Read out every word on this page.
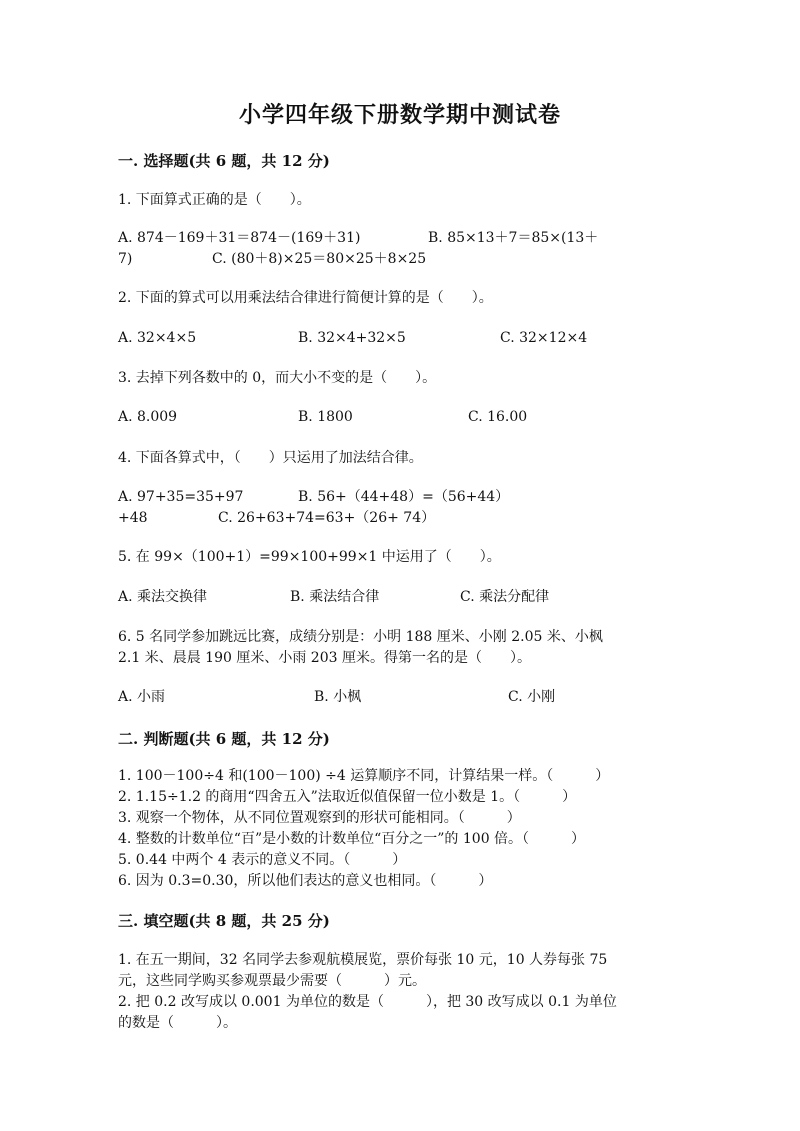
小学四年级下册数学期中测试卷
一. 选择题(共 6 题，共 12 分)
1. 下面算式正确的是（　　）。
A. 874－169＋31＝874－(169＋31)	B. 85×13＋7＝85×(13＋
7)	C. (80＋8)×25＝80×25＋8×25
2. 下面的算式可以用乘法结合律进行简便计算的是（　　）。
A. 32×4×5	B. 32×4+32×5	C. 32×12×4
3. 去掉下列各数中的 0，而大小不变的是（　　）。
A. 8.009	B. 1800	C. 16.00
4. 下面各算式中，（　　）只运用了加法结合律。
A. 97+35=35+97	B. 56+（44+48）=（56+44）
+48	C. 26+63+74=63+（26+ 74）
5. 在 99×（100+1）=99×100+99×1 中运用了（　　）。
A. 乘法交换律	B. 乘法结合律	C. 乘法分配律
6. 5 名同学参加跳远比赛，成绩分别是：小明 188 厘米、小刚 2.05 米、小枫
2.1 米、晨晨 190 厘米、小雨 203 厘米。得第一名的是（　　）。
A. 小雨	B. 小枫	C. 小刚
二. 判断题(共 6 题，共 12 分)
1. 100－100÷4 和(100－100) ÷4 运算顺序不同，计算结果一样。（　　　）
2. 1.15÷1.2 的商用“四舍五入”法取近似值保留一位小数是 1。（　　　）
3. 观察一个物体，从不同位置观察到的形状可能相同。（　　　）
4. 整数的计数单位“百”是小数的计数单位“百分之一”的 100 倍。（　　　）
5. 0.44 中两个 4 表示的意义不同。（　　　）
6. 因为 0.3=0.30，所以他们表达的意义也相同。（　　　）
三. 填空题(共 8 题，共 25 分)
1. 在五一期间，32 名同学去参观航模展览，票价每张 10 元，10 人券每张 75
元，这些同学购买参观票最少需要（　　　）元。
2. 把 0.2 改写成以 0.001 为单位的数是（　　　），把 30 改写成以 0.1 为单位
的数是（　　　）。
